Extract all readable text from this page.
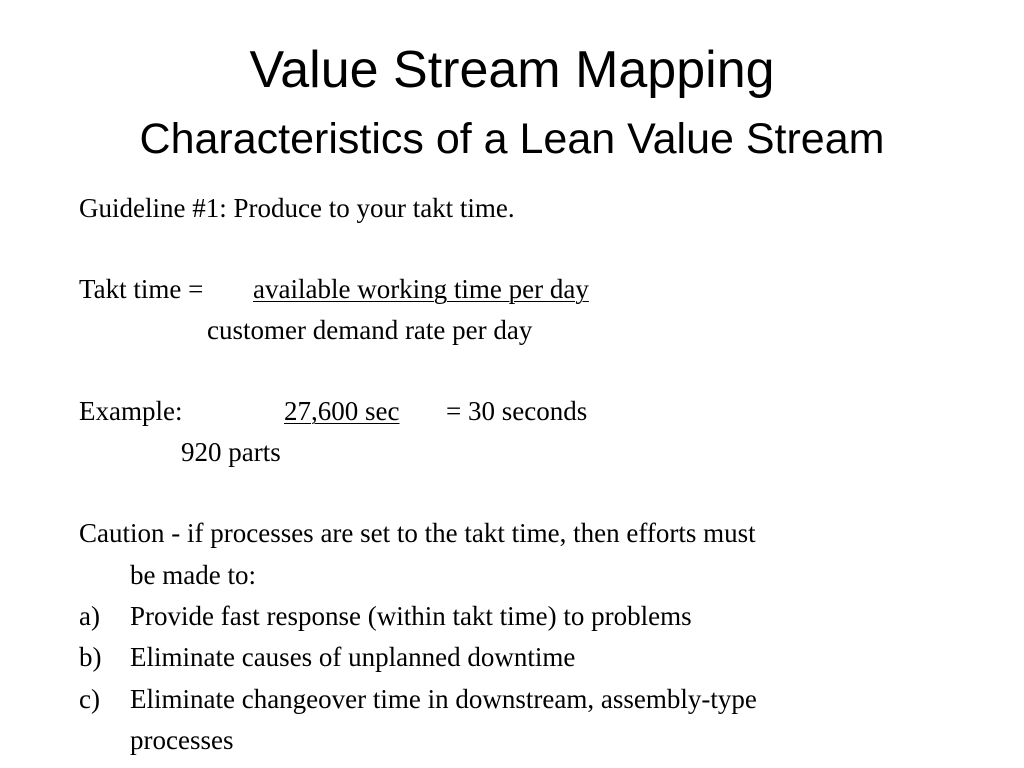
Value Stream Mapping
Characteristics of a Lean Value Stream
Guideline #1: Produce to your takt time.
Takt time = available working time per day
customer demand rate per day
Example:	27,600 sec = 30 seconds
920 parts
Caution - if processes are set to the takt time, then efforts must
be made to:
a) Provide fast response (within takt time) to problems
b) Eliminate causes of unplanned downtime
c) Eliminate changeover time in downstream, assembly-type
processes
